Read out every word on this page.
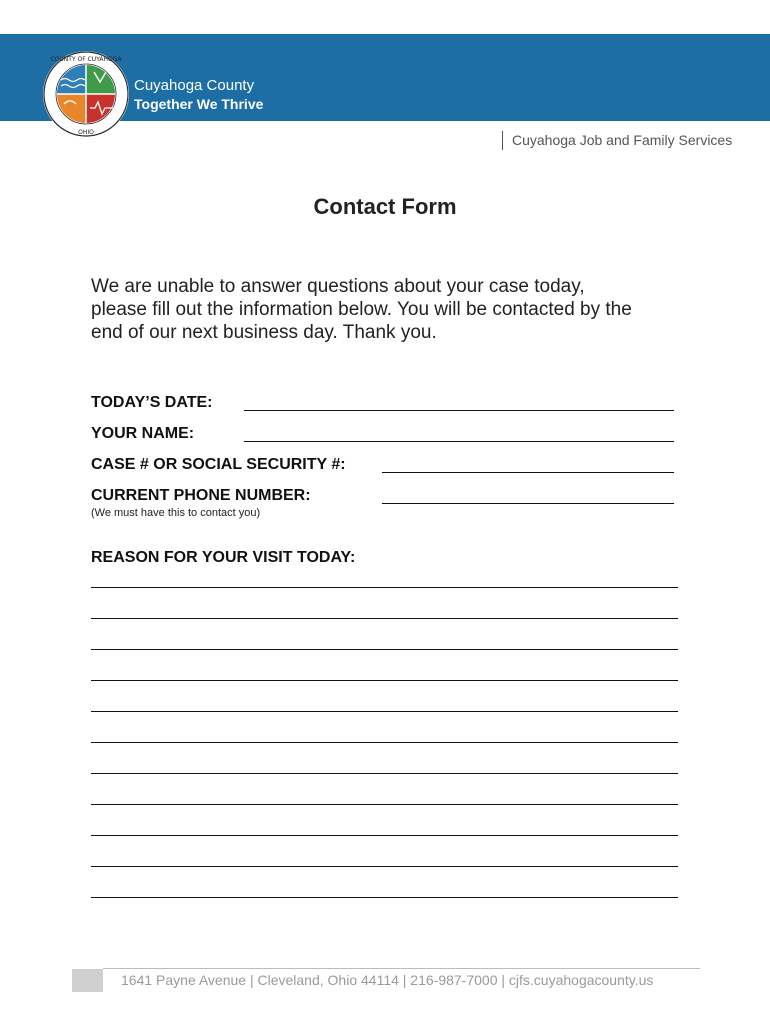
COUNTY OF CUYAHOGA
OHIO
Cuyahoga County
Together We Thrive
Cuyahoga Job and Family Services
Contact Form

We are unable to answer questions about your case today,

please fill out the information below. You will be contacted by the

end of our next business day. Thank you.

TODAY’S DATE:
YOUR NAME:
CASE # OR SOCIAL SECURITY #:
CURRENT PHONE NUMBER:
(We must have this to contact you)
REASON FOR YOUR VISIT TODAY:
1641 Payne Avenue | Cleveland, Ohio 44114 | 216-987-7000 | cjfs.cuyahogacounty.us
